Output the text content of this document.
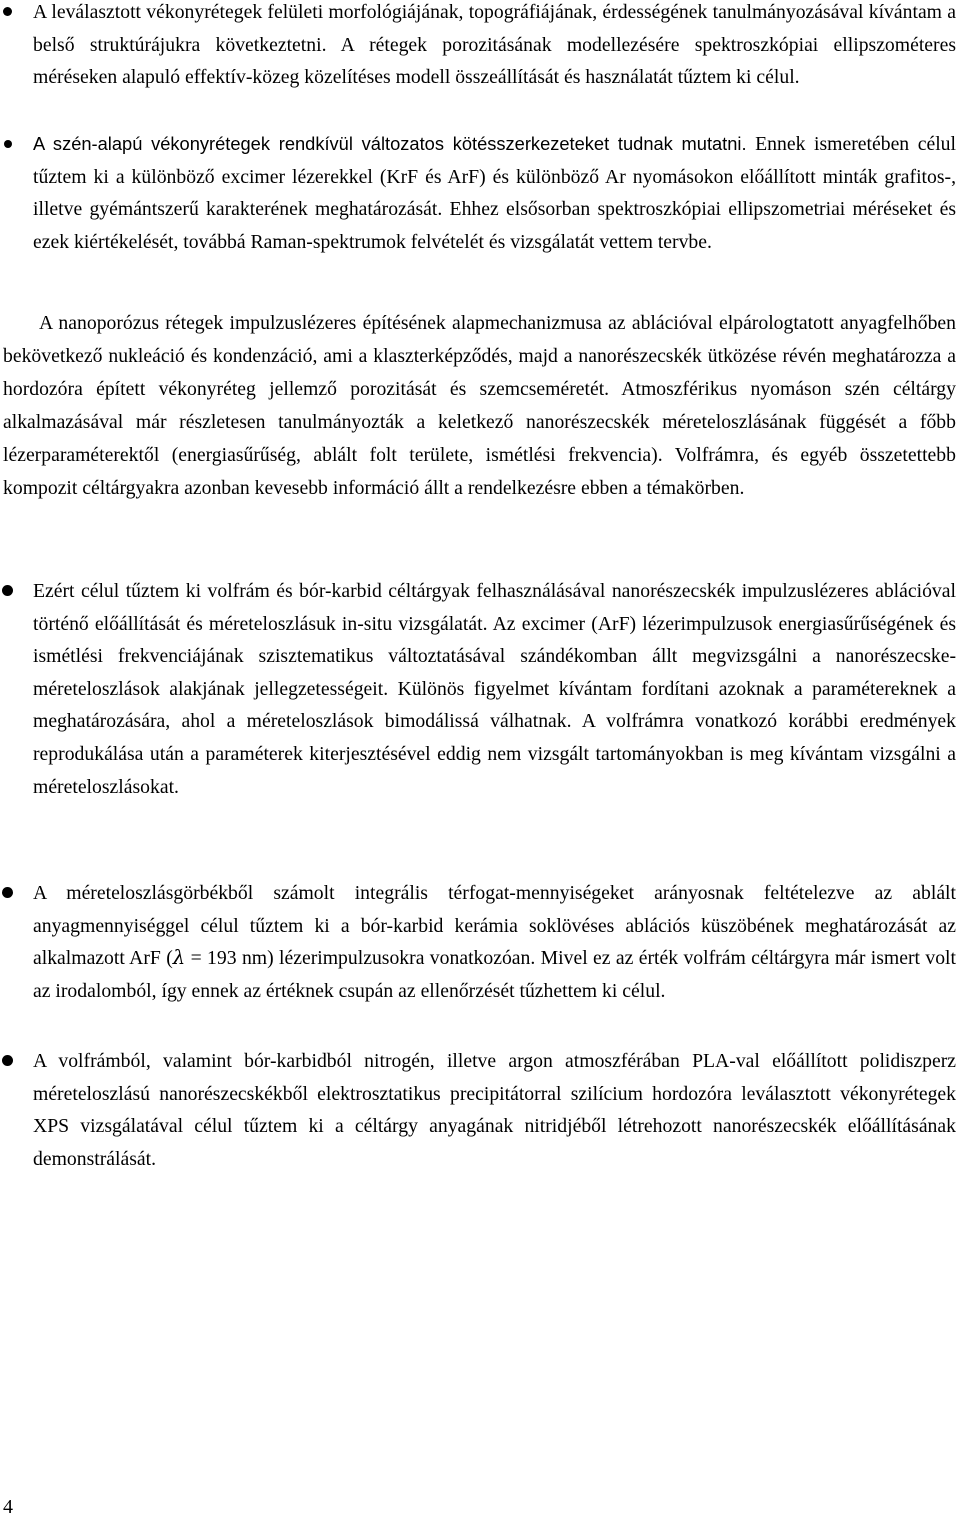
A leválasztott vékonyrétegek felületi morfológiájának, topográfiájának, érdességének tanulmányozásával kívántam a belső struktúrájukra következtetni. A rétegek porozitásának modellezésére spektroszkópiai ellipszométeres méréseken alapuló effektív-közeg közelítéses modell összeállítását és használatát tűztem ki célul.
A szén-alapú vékonyrétegek rendkívül változatos kötésszerkezeteket tudnak mutatni. Ennek ismeretében célul tűztem ki a különböző excimer lézerekkel (KrF és ArF) és különböző Ar nyomásokon előállított minták grafitos-, illetve gyémántszerű karakterének meghatározását. Ehhez elsősorban spektroszkópiai ellipszometriai méréseket és ezek kiértékelését, továbbá Raman-spektrumok felvételét és vizsgálatát vettem tervbe.
A nanoporózus rétegek impulzuslézeres építésének alapmechanizmusa az ablációval elpárologtatott anyagfelhőben bekövetkező nukleáció és kondenzáció, ami a klaszterképződés, majd a nanorészecskék ütközése révén meghatározza a hordozóra épített vékonyréteg jellemző porozitását és szemcseméretét. Atmoszférikus nyomáson szén céltárgy alkalmazásával már részletesen tanulmányozták a keletkező nanorészecskék méreteloszlásának függését a főbb lézerparaméterektől (energiasűrűség, ablált folt területe, ismétlési frekvencia). Volfrámra, és egyéb összetettebb kompozit céltárgyakra azonban kevesebb információ állt a rendelkezésre ebben a témakörben.
Ezért célul tűztem ki volfrám és bór-karbid céltárgyak felhasználásával nanorészecskék impulzuslézeres ablációval történő előállítását és méreteloszlásuk in-situ vizsgálatát. Az excimer (ArF) lézerimpulzusok energiasűrűségének és ismétlési frekvenciájának szisztematikus változtatásával szándékomban állt megvizsgálni a nanorészecske-méreteloszlások alakjának jellegzetességeit. Különös figyelmet kívántam fordítani azoknak a paramétereknek a meghatározására, ahol a méreteloszlások bimodálissá válhatnak. A volfrámra vonatkozó korábbi eredmények reprodukálása után a paraméterek kiterjesztésével eddig nem vizsgált tartományokban is meg kívántam vizsgálni a méreteloszlásokat.
A méreteloszlásgörbékből számolt integrális térfogat-mennyiségeket arányosnak feltételezve az ablált anyagmennyiséggel célul tűztem ki a bór-karbid kerámia soklövéses ablációs küszöbének meghatározását az alkalmazott ArF (λ = 193 nm) lézerimpulzusokra vonatkozóan. Mivel ez az érték volfrám céltárgyra már ismert volt az irodalomból, így ennek az értéknek csupán az ellenőrzését tűzhettem ki célul.
A volfrámból, valamint bór-karbidból nitrogén, illetve argon atmoszférában PLA-val előállított polidiszperz méreteloszlású nanorészecskékből elektrosztatikus precipitátorral szilícium hordozóra leválasztott vékonyrétegek XPS vizsgálatával célul tűztem ki a céltárgy anyagának nitridjéből létrehozott nanorészecskék előállításának demonstrálását.
4
